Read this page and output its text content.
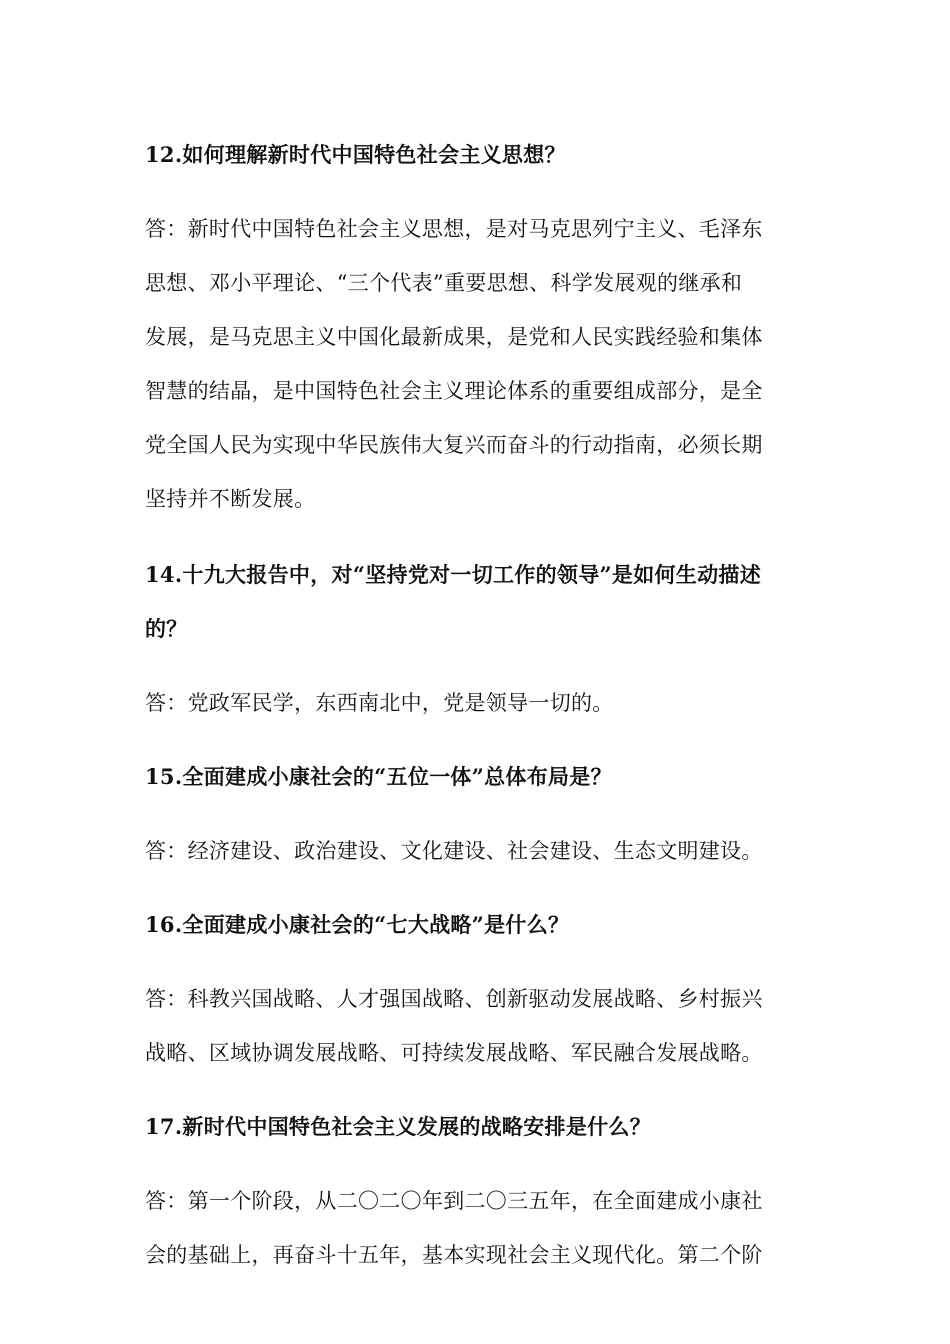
12.如何理解新时代中国特色社会主义思想？
答：新时代中国特色社会主义思想，是对马克思列宁主义、毛泽东
思想、邓小平理论、“三个代表”重要思想、科学发展观的继承和
发展，是马克思主义中国化最新成果，是党和人民实践经验和集体
智慧的结晶，是中国特色社会主义理论体系的重要组成部分，是全
党全国人民为实现中华民族伟大复兴而奋斗的行动指南，必须长期
坚持并不断发展。
14.十九大报告中，对“坚持党对一切工作的领导”是如何生动描述
的？
答：党政军民学，东西南北中，党是领导一切的。
15.全面建成小康社会的“五位一体”总体布局是？
答：经济建设、政治建设、文化建设、社会建设、生态文明建设。
16.全面建成小康社会的“七大战略”是什么？
答：科教兴国战略、人才强国战略、创新驱动发展战略、乡村振兴
战略、区域协调发展战略、可持续发展战略、军民融合发展战略。
17.新时代中国特色社会主义发展的战略安排是什么？
答：第一个阶段，从二〇二〇年到二〇三五年，在全面建成小康社
会的基础上，再奋斗十五年，基本实现社会主义现代化。第二个阶
